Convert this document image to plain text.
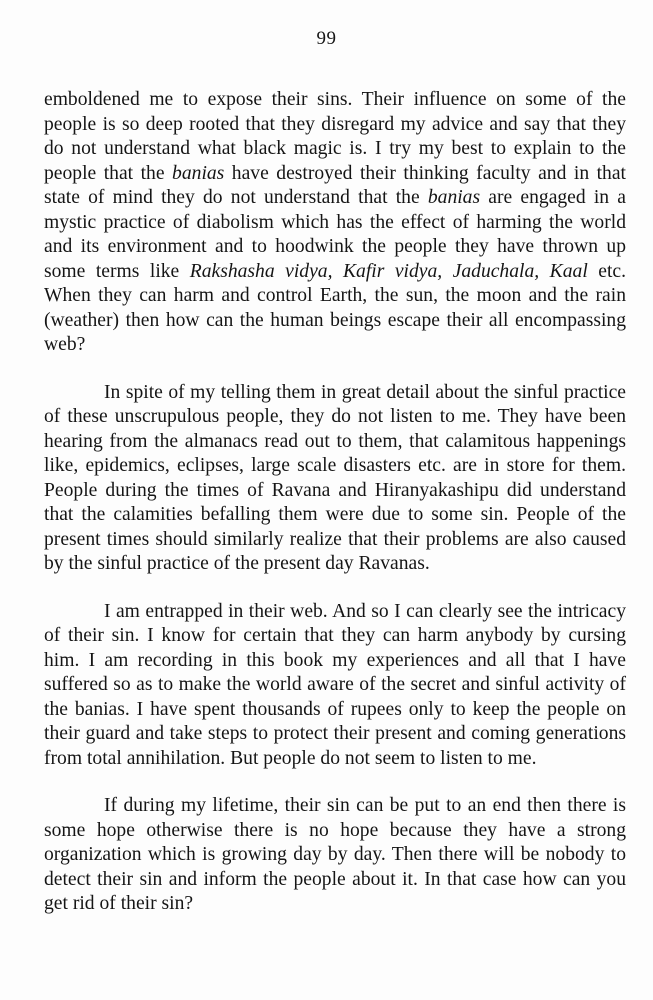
99

emboldened me to expose their sins. Their influence on some of the people is so deep rooted that they disregard my advice and say that they do not understand what black magic is. I try my best to explain to the people that the banias have destroyed their thinking faculty and in that state of mind they do not understand that the banias are engaged in a mystic practice of diabolism which has the effect of harming the world and its environment and to hoodwink the people they have thrown up some terms like Rakshasha vidya, Kafir vidya, Jaduchala, Kaal etc. When they can harm and control Earth, the sun, the moon and the rain (weather) then how can the human beings escape their all encompassing web?

In spite of my telling them in great detail about the sinful practice of these unscrupulous people, they do not listen to me. They have been hearing from the almanacs read out to them, that calamitous happenings like, epidemics, eclipses, large scale disasters etc. are in store for them. People during the times of Ravana and Hiranyakashipu did understand that the calamities befalling them were due to some sin. People of the present times should similarly realize that their problems are also caused by the sinful practice of the present day Ravanas.

I am entrapped in their web. And so I can clearly see the intricacy of their sin. I know for certain that they can harm anybody by cursing him. I am recording in this book my experiences and all that I have suffered so as to make the world aware of the secret and sinful activity of the banias. I have spent thousands of rupees only to keep the people on their guard and take steps to protect their present and coming generations from total annihilation. But people do not seem to listen to me.

If during my lifetime, their sin can be put to an end then there is some hope otherwise there is no hope because they have a strong organization which is growing day by day. Then there will be nobody to detect their sin and inform the people about it. In that case how can you get rid of their sin?
